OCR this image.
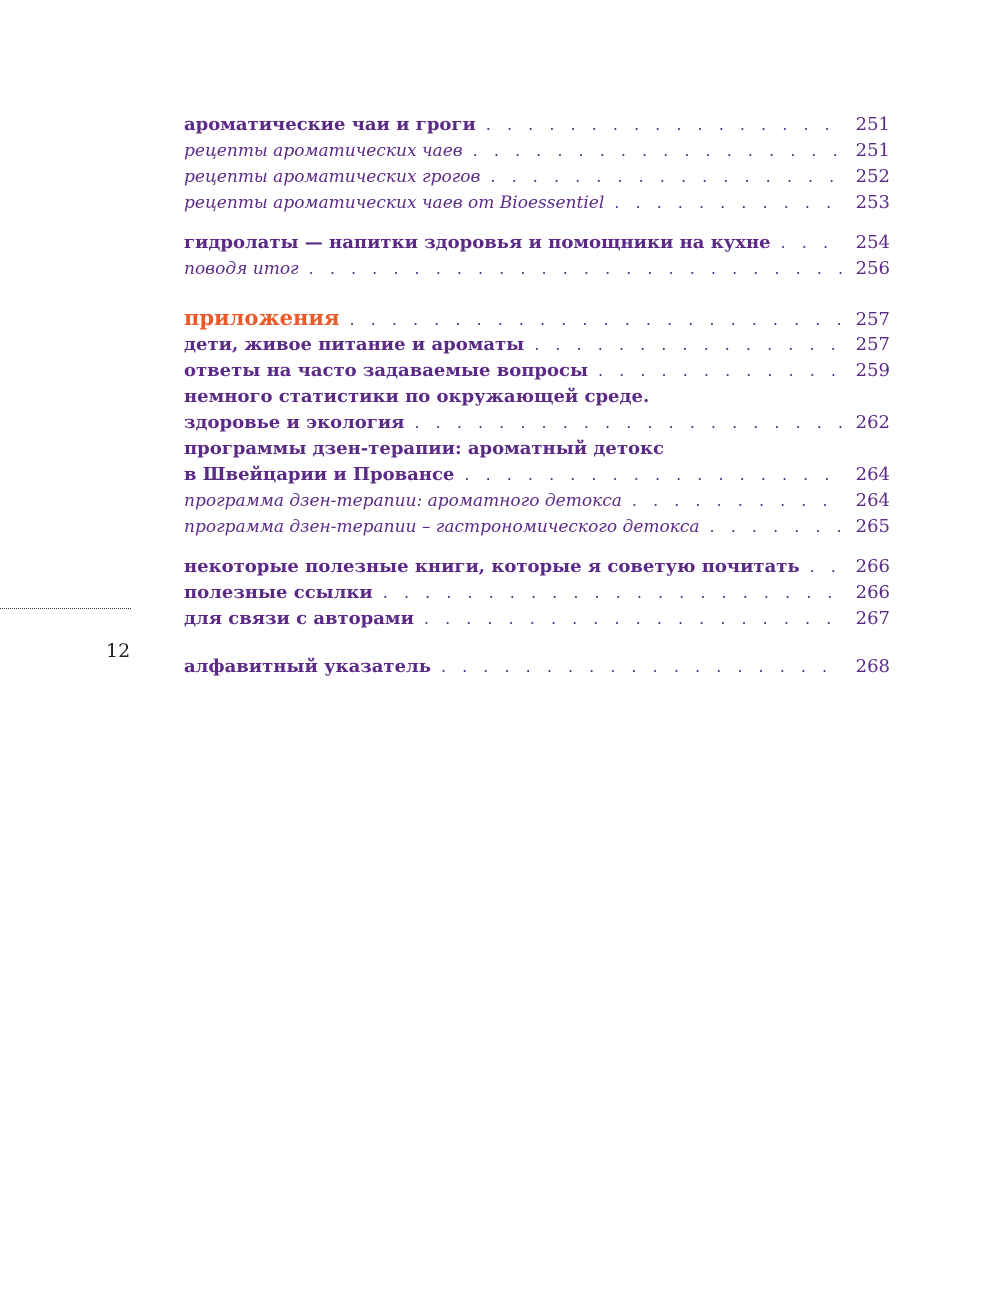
ароматические чаи и гроги . . .	251
рецепты ароматических чаев . . .	251
рецепты ароматических грогов . . .	252
рецепты ароматических чаев от Bioessentiel . . .	253
гидролаты — напитки здоровья и помощники на кухне . . .	254
поводя итог . . .	256
приложения . . .	257
дети, живое питание и ароматы . . .	257
ответы на часто задаваемые вопросы . . .	259
немного статистики по окружающей среде.
здоровье и экология . . .	262
программы дзен-терапии: ароматный детокс
в Швейцарии и Провансе . . .	264
программа дзен-терапии: ароматного детокса . . .	264
программа дзен-терапии – гастрономического детокса . . .	265
некоторые полезные книги, которые я советую почитать . . .	266
полезные ссылки . . .	266
для связи с авторами . . .	267
алфавитный указатель . . .	268
12
